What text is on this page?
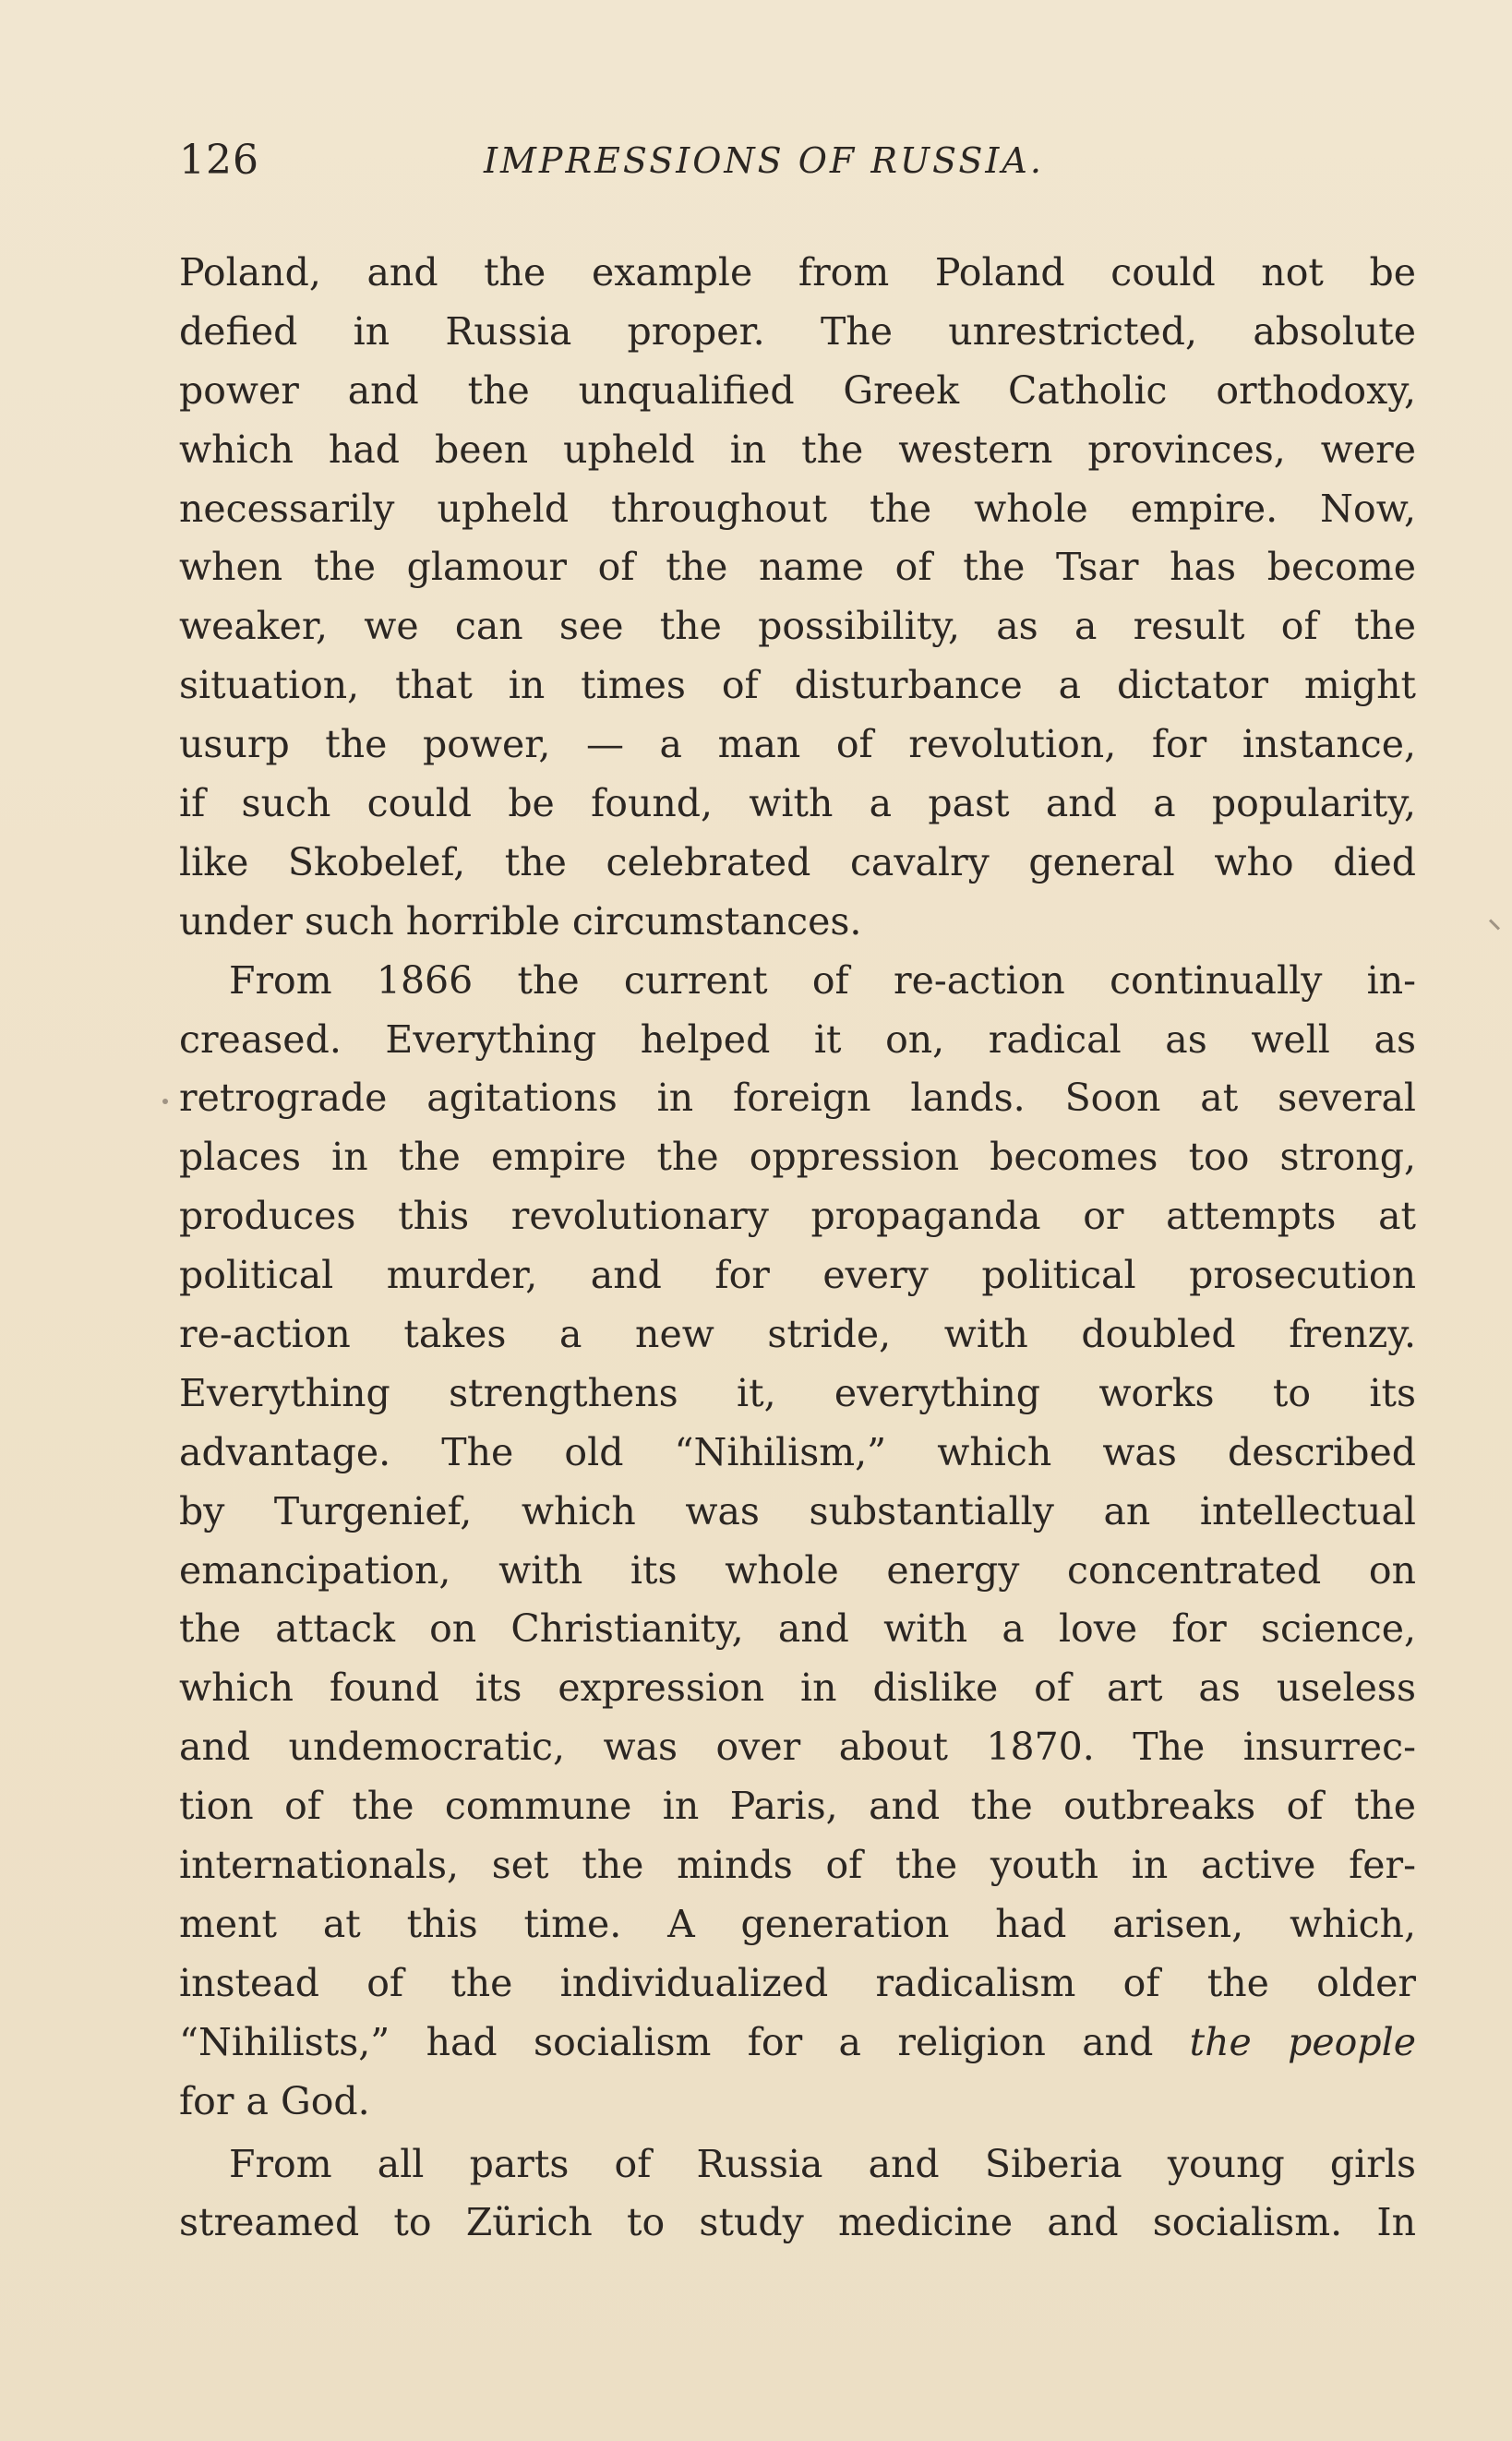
126	IMPRESSIONS OF RUSSIA.
Poland, and the example from Poland could not be
defied in Russia proper. The unrestricted, absolute
power and the unqualified Greek Catholic orthodoxy,
which had been upheld in the western provinces, were
necessarily upheld throughout the whole empire. Now,
when the glamour of the name of the Tsar has become
weaker, we can see the possibility, as a result of the
situation, that in times of disturbance a dictator might
usurp the power, — a man of revolution, for instance,
if such could be found, with a past and a popularity,
like Skobelef, the celebrated cavalry general who died
under such horrible circumstances.
From 1866 the current of re-action continually in-
creased. Everything helped it on, radical as well as
retrograde agitations in foreign lands. Soon at several
places in the empire the oppression becomes too strong,
produces this revolutionary propaganda or attempts at
political murder, and for every political prosecution
re-action takes a new stride, with doubled frenzy.
Everything strengthens it, everything works to its
advantage. The old “Nihilism,” which was described
by Turgenief, which was substantially an intellectual
emancipation, with its whole energy concentrated on
the attack on Christianity, and with a love for science,
which found its expression in dislike of art as useless
and undemocratic, was over about 1870. The insurrec-
tion of the commune in Paris, and the outbreaks of the
internationals, set the minds of the youth in active fer-
ment at this time. A generation had arisen, which,
instead of the individualized radicalism of the older
“Nihilists,” had socialism for a religion and the people
for a God.
From all parts of Russia and Siberia young girls
streamed to Zürich to study medicine and socialism. In
